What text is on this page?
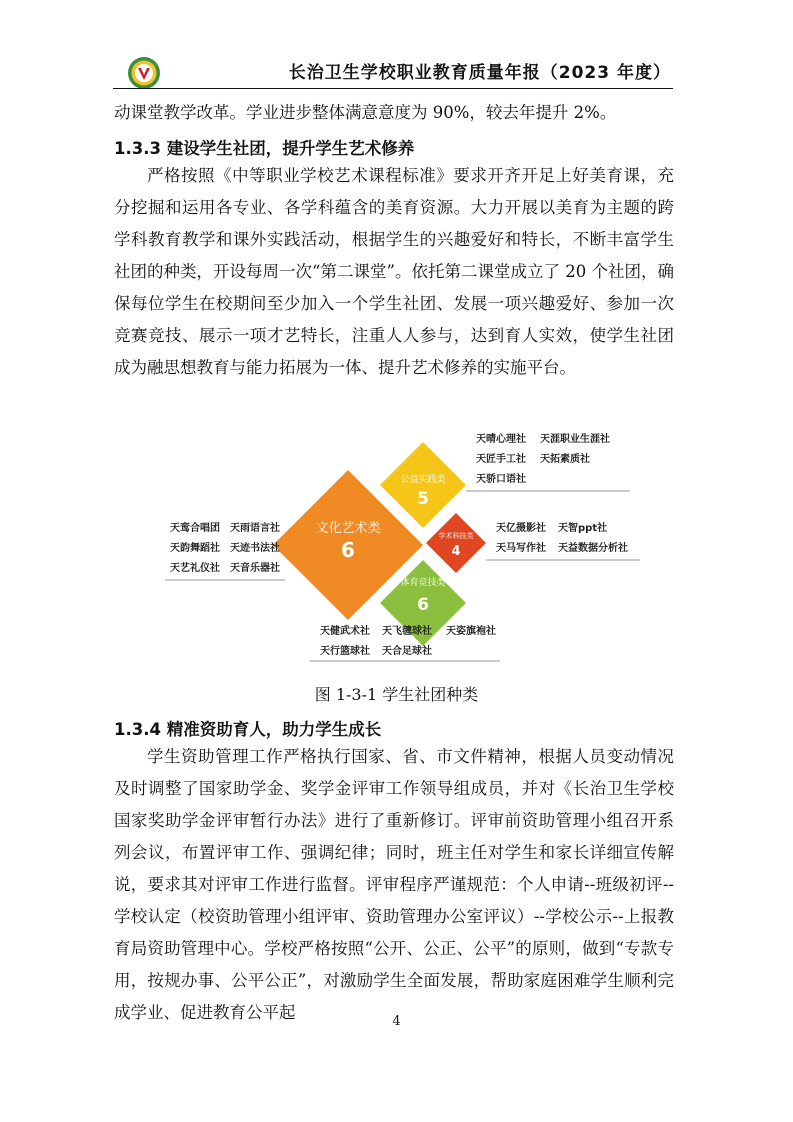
长治卫生学校职业教育质量年报（2023 年度）

动课堂教学改革。学业进步整体满意意度为 90%，较去年提升 2%。

1.3.3 建设学生社团，提升学生艺术修养

严格按照《中等职业学校艺术课程标准》要求开齐开足上好美育课，充分挖掘和运用各专业、各学科蕴含的美育资源。大力开展以美育为主题的跨学科教育教学和课外实践活动，根据学生的兴趣爱好和特长，不断丰富学生社团的种类，开设每周一次“第二课堂”。依托第二课堂成立了 20 个社团，确保每位学生在校期间至少加入一个学生社团、发展一项兴趣爱好、参加一次竞赛竞技、展示一项才艺特长，注重人人参与，达到育人实效，使学生社团成为融思想教育与能力拓展为一体、提升艺术修养的实施平台。

文化艺术类
6
公益实践类
5
学术科技类
4
体育竞技类
6
天晴心理社 天涯职业生涯社
天匠手工社 天拓素质社
天骄口语社
天亿摄影社 天智ppt社
天马写作社 天益数据分析社
天鸾合唱团 天雨语言社
天韵舞蹈社 天迹书法社
天艺礼仪社 天音乐器社
天健武术社 天飞毽球社 天姿旗袍社
天行篮球社 天合足球社
图 1-3-1 学生社团种类
1.3.4 精准资助育人，助力学生成长

学生资助管理工作严格执行国家、省、市文件精神，根据人员变动情况及时调整了国家助学金、奖学金评审工作领导组成员，并对《长治卫生学校国家奖助学金评审暂行办法》进行了重新修订。评审前资助管理小组召开系列会议，布置评审工作、强调纪律；同时，班主任对学生和家长详细宣传解说，要求其对评审工作进行监督。评审程序严谨规范：个人申请--班级初评--学校认定（校资助管理小组评审、资助管理办公室评议）--学校公示--上报教育局资助管理中心。学校严格按照“公开、公正、公平”的原则，做到“专款专用，按规办事、公平公正”，对激励学生全面发展，帮助家庭困难学生顺利完成学业、促进教育公平起	4
